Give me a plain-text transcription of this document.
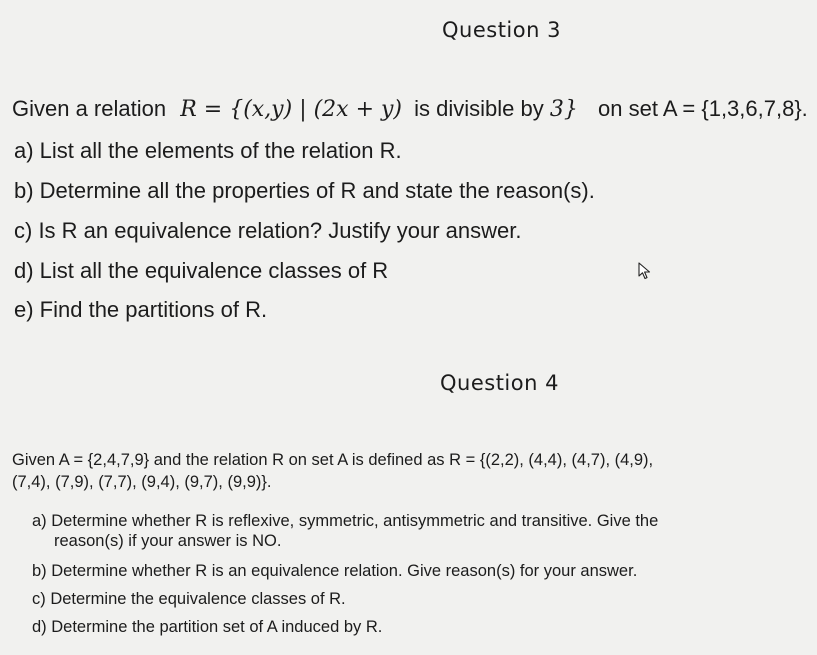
Question 3
Given a relation R = {(x,y) | (2x + y) is divisible by 3} on set A = {1,3,6,7,8}.
a) List all the elements of the relation R.
b) Determine all the properties of R and state the reason(s).
c) Is R an equivalence relation? Justify your answer.
d) List all the equivalence classes of R
e) Find the partitions of R.
Question 4
Given A = {2,4,7,9} and the relation R on set A is defined as R = {(2,2), (4,4), (4,7), (4,9),
(7,4), (7,9), (7,7), (9,4), (9,7), (9,9)}.
a) Determine whether R is reflexive, symmetric, antisymmetric and transitive. Give the
reason(s) if your answer is NO.
b) Determine whether R is an equivalence relation. Give reason(s) for your answer.
c) Determine the equivalence classes of R.
d) Determine the partition set of A induced by R.
